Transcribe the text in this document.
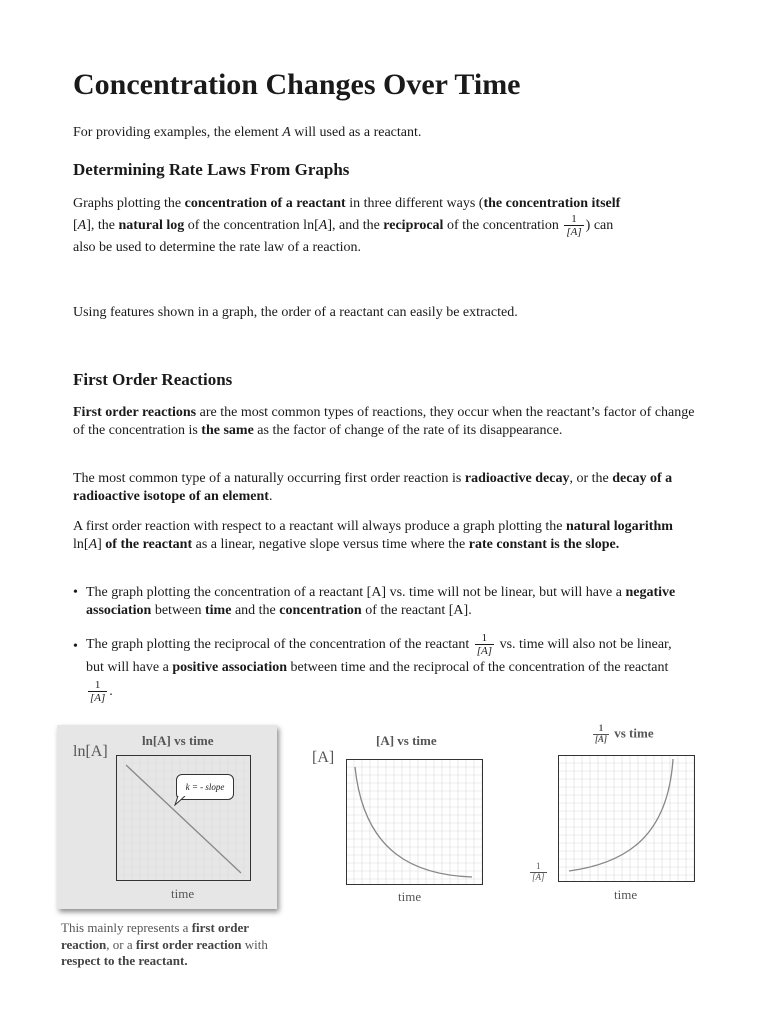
Concentration Changes Over Time

For providing examples, the element A will used as a reactant.

Determining Rate Laws From Graphs

Graphs plotting the concentration of a reactant in three different ways (the concentration itself
[A], the natural log of the concentration ln[A], and the reciprocal of the concentration $\frac{1}{[A]}$ ) can
also be used to determine the rate law of a reaction.

Using features shown in a graph, the order of a reactant can easily be extracted.

First Order Reactions

First order reactions are the most common types of reactions, they occur when the reactant’s factor of change of the concentration is the same as the factor of change of the rate of its disappearance.

The most common type of a naturally occurring first order reaction is radioactive decay, or the decay of a radioactive isotope of an element.

A first order reaction with respect to a reactant will always produce a graph plotting the natural logarithm ln[A] of the reactant as a linear, negative slope versus time where the rate constant is the slope.

• The graph plotting the concentration of a reactant [A] vs. time will not be linear, but will have a negative association between time and the concentration of the reactant [A].
• The graph plotting the reciprocal of the concentration of the reactant $\frac{1}{[A]}$ vs. time will also not be linear, but will have a positive association between time and the reciprocal of the concentration of the reactant
$\frac{1}{[A]}$ .
ln[A] vs time
ln[A]
k = - slope
time
[A] vs time
[A]
time
$\frac{1}{[A]}$ vs time
$\frac{1}{[A]}$
time
This mainly represents a first order reaction, or a first order reaction with respect to the reactant.
